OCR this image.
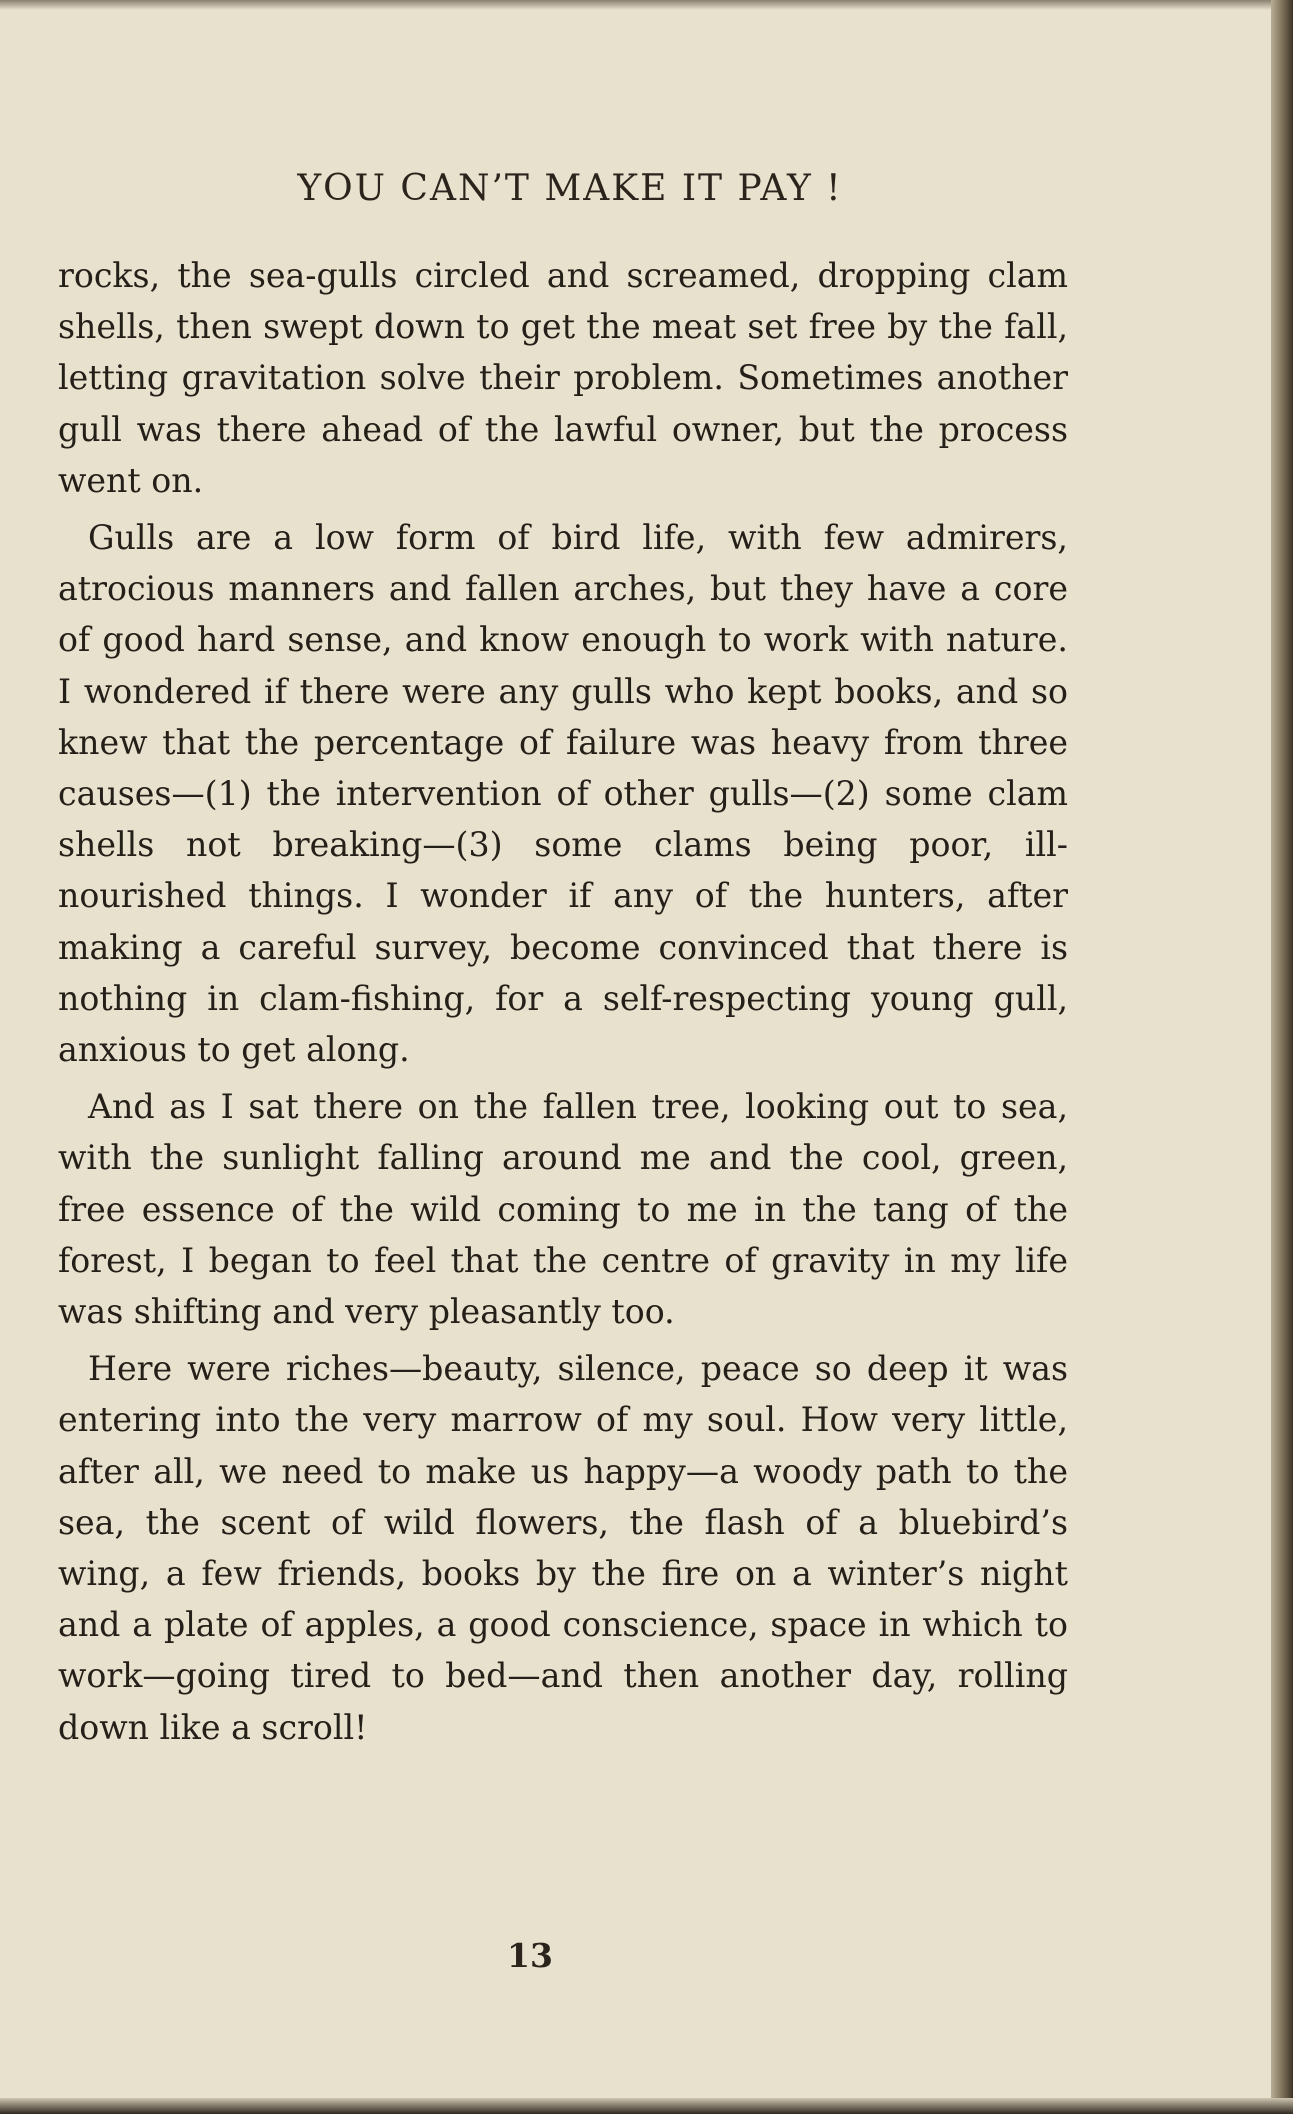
YOU CAN’T MAKE IT PAY !

rocks, the sea-gulls circled and screamed, dropping clam shells, then swept down to get the meat set free by the fall, letting gravitation solve their problem. Sometimes another gull was there ahead of the lawful owner, but the process went on.

Gulls are a low form of bird life, with few admirers, atrocious manners and fallen arches, but they have a core of good hard sense, and know enough to work with nature. I wondered if there were any gulls who kept books, and so knew that the percentage of failure was heavy from three causes—(1) the intervention of other gulls—(2) some clam shells not breaking—(3) some clams being poor, ill-nourished things. I wonder if any of the hunters, after making a careful survey, become convinced that there is nothing in clam-fishing, for a self-respecting young gull, anxious to get along.

And as I sat there on the fallen tree, looking out to sea, with the sunlight falling around me and the cool, green, free essence of the wild coming to me in the tang of the forest, I began to feel that the centre of gravity in my life was shifting and very pleasantly too.

Here were riches—beauty, silence, peace so deep it was entering into the very marrow of my soul. How very little, after all, we need to make us happy—a woody path to the sea, the scent of wild flowers, the flash of a bluebird’s wing, a few friends, books by the fire on a winter’s night and a plate of apples, a good conscience, space in which to work—going tired to bed—and then another day, rolling down like a scroll!

13
